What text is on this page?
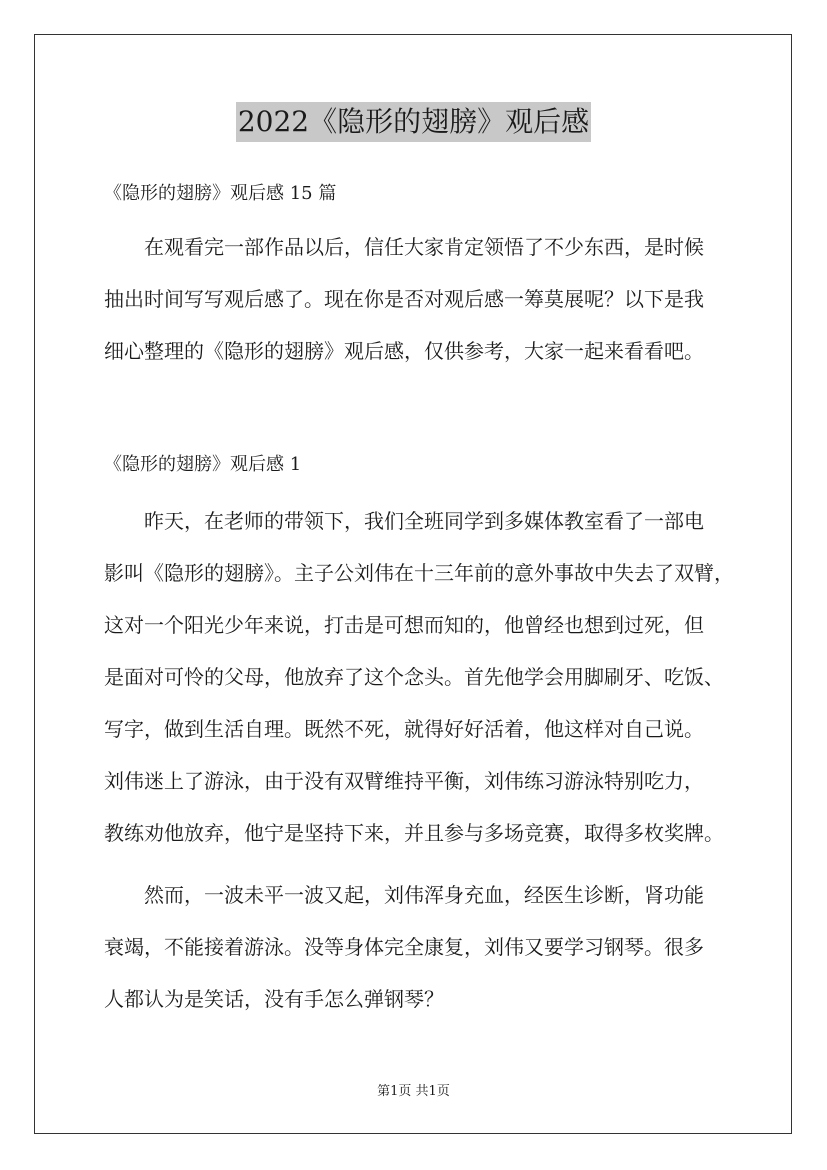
2022《隐形的翅膀》观后感
《隐形的翅膀》观后感 15 篇

在观看完一部作品以后，信任大家肯定领悟了不少东西，是时候
抽出时间写写观后感了。现在你是否对观后感一筹莫展呢？以下是我
细心整理的《隐形的翅膀》观后感，仅供参考，大家一起来看看吧。

《隐形的翅膀》观后感 1

昨天，在老师的带领下，我们全班同学到多媒体教室看了一部电
影叫《隐形的翅膀》。主子公刘伟在十三年前的意外事故中失去了双臂，
这对一个阳光少年来说，打击是可想而知的，他曾经也想到过死，但
是面对可怜的父母，他放弃了这个念头。首先他学会用脚刷牙、吃饭、
写字，做到生活自理。既然不死，就得好好活着，他这样对自己说。
刘伟迷上了游泳，由于没有双臂维持平衡，刘伟练习游泳特别吃力，
教练劝他放弃，他宁是坚持下来，并且参与多场竞赛，取得多枚奖牌。

然而，一波未平一波又起，刘伟浑身充血，经医生诊断，肾功能
衰竭，不能接着游泳。没等身体完全康复，刘伟又要学习钢琴。很多
人都认为是笑话，没有手怎么弹钢琴？

第1页 共1页
